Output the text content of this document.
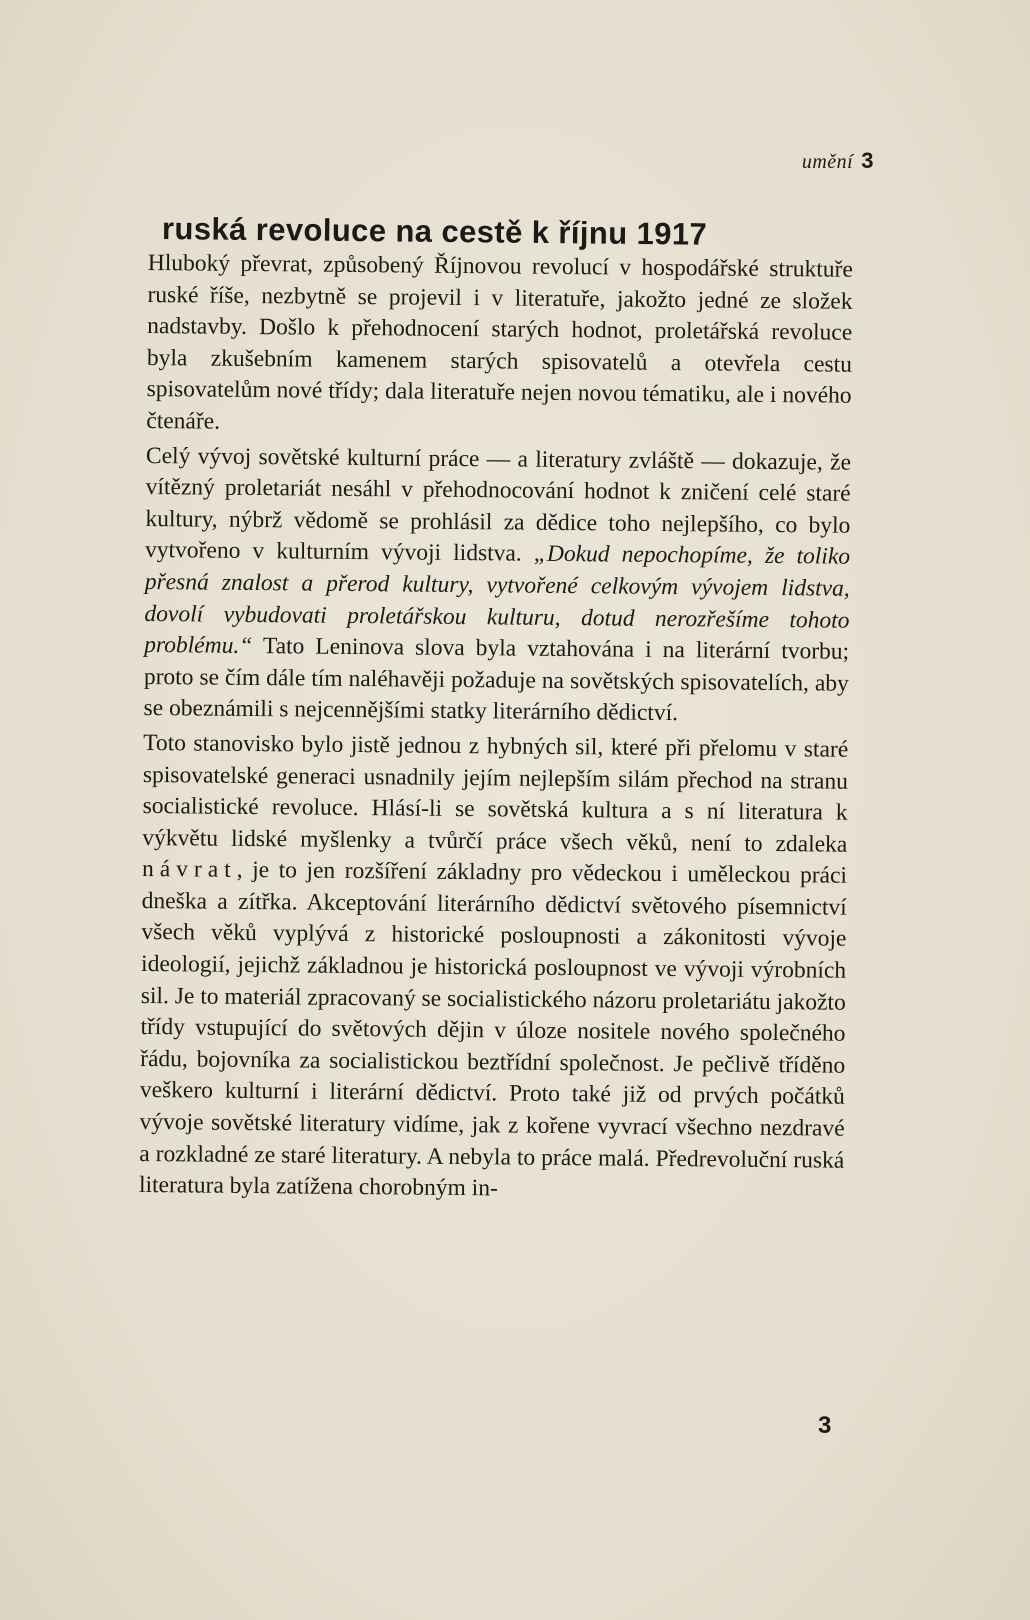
umění 3
ruská revoluce na cestě k říjnu 1917

Hluboký převrat, způsobený Říjnovou revolucí v hospodářské struktuře ruské říše, nezbytně se projevil i v literatuře, jakožto jedné ze složek nadstavby. Došlo k přehodnocení starých hodnot, proletářská revoluce byla zkušebním kamenem starých spisovatelů a otevřela cestu spisovatelům nové třídy; dala literatuře nejen novou tématiku, ale i nového čtenáře.

Celý vývoj sovětské kulturní práce — a literatury zvláště — dokazuje, že vítězný proletariát nesáhl v přehodnocování hodnot k zničení celé staré kultury, nýbrž vědomě se prohlásil za dědice toho nejlepšího, co bylo vytvořeno v kulturním vývoji lidstva. „Dokud nepochopíme, že toliko přesná znalost a přerod kultury, vytvořené celkovým vývojem lidstva, dovolí vybudovati proletářskou kulturu, dotud nerozřešíme tohoto problému.“ Tato Leninova slova byla vztahována i na literární tvorbu; proto se čím dále tím naléhavěji požaduje na sovětských spisovatelích, aby se obeznámili s nejcennějšími statky literárního dědictví.

Toto stanovisko bylo jistě jednou z hybných sil, které při přelomu v staré spisovatelské generaci usnadnily jejím nejlepším silám přechod na stranu socialistické revoluce. Hlásí-li se sovětská kultura a s ní literatura k výkvětu lidské myšlenky a tvůrčí práce všech věků, není to zdaleka návrat, je to jen rozšíření základny pro vědeckou i uměleckou práci dneška a zítřka. Akceptování literárního dědictví světového písemnictví všech věků vyplývá z historické posloupnosti a zákonitosti vývoje ideologií, jejichž základnou je historická posloupnost ve vývoji výrobních sil. Je to materiál zpracovaný se socialistického názoru proletariátu jakožto třídy vstupující do světových dějin v úloze nositele nového společného řádu, bojovníka za socialistickou beztřídní společnost. Je pečlivě tříděno veškero kulturní i literární dědictví. Proto také již od prvých počátků vývoje sovětské literatury vidíme, jak z kořene vyvrací všechno nezdravé a rozkladné ze staré literatury. A nebyla to práce malá. Předrevoluční ruská literatura byla zatížena chorobným in-

3
